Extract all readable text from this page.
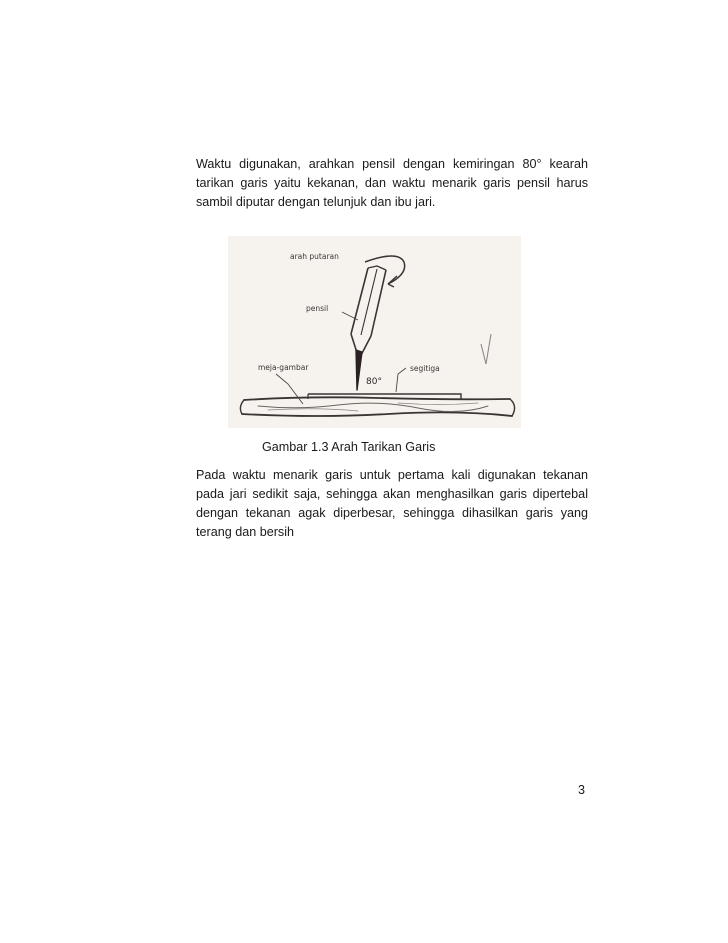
Waktu digunakan, arahkan pensil dengan kemiringan 80° kearah tarikan garis yaitu kekanan, dan waktu menarik garis pensil harus sambil diputar dengan telunjuk dan ibu jari.

arah putaran
pensil
meja-gambar	segitiga
80°

Gambar 1.3 Arah Tarikan Garis

Pada waktu menarik garis untuk pertama kali digunakan tekanan pada jari sedikit saja, sehingga akan menghasilkan garis dipertebal dengan tekanan agak diperbesar, sehingga dihasilkan garis yang terang dan bersih

3
